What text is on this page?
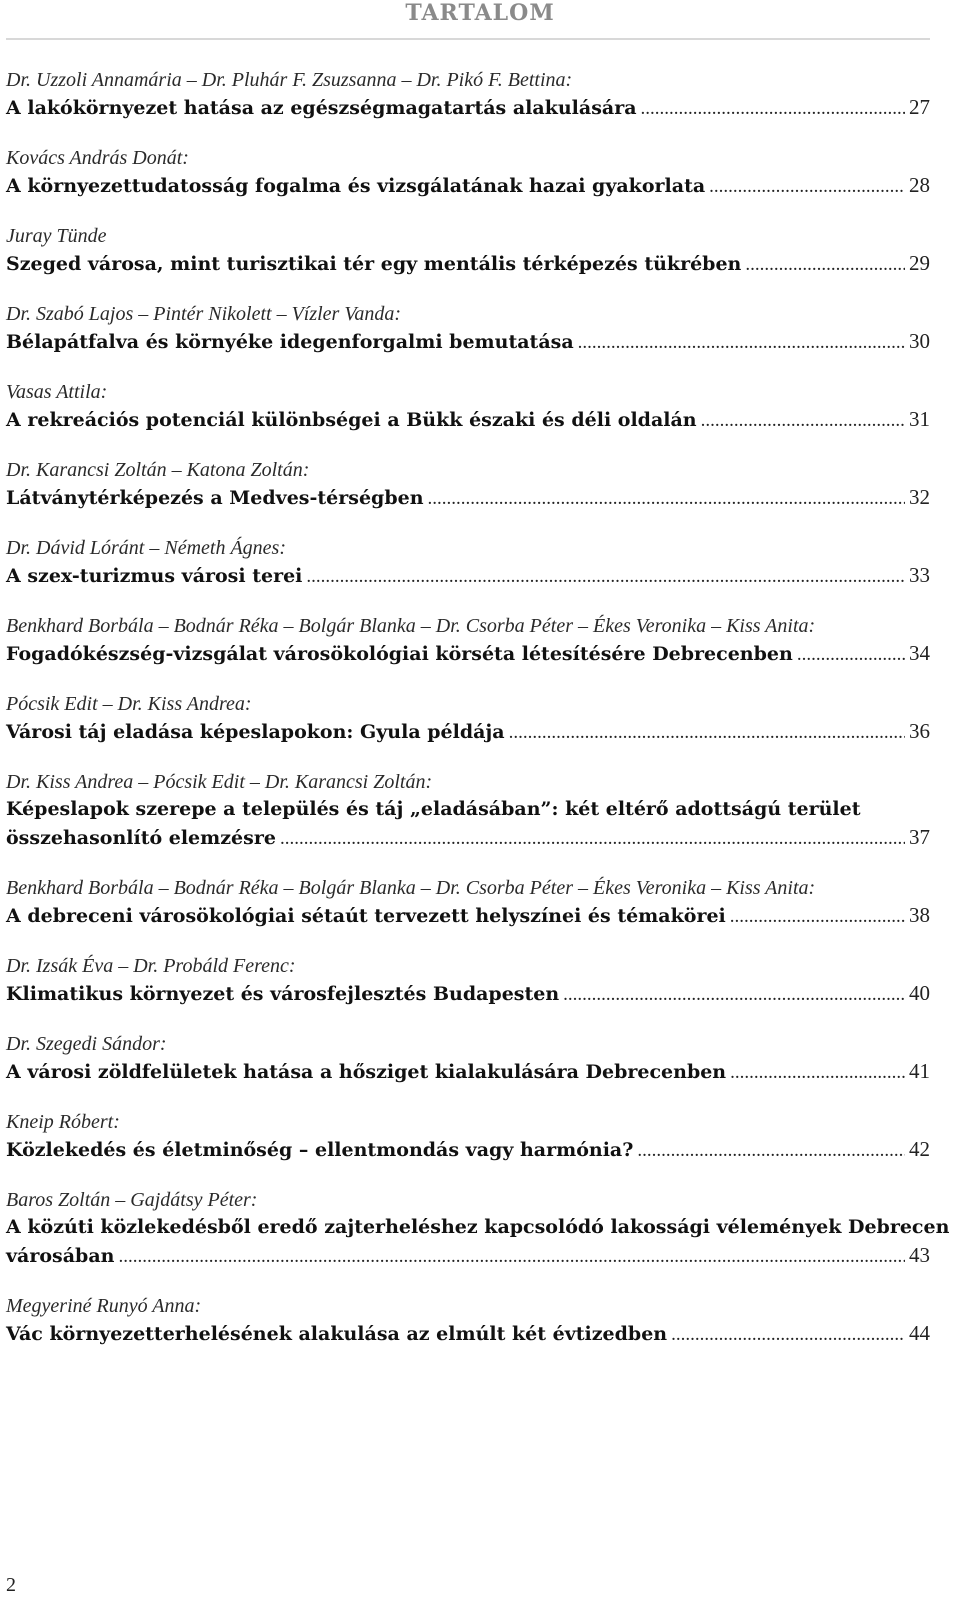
TARTALOM
Dr. Uzzoli Annamária – Dr. Pluhár F. Zsuzsanna – Dr. Pikó F. Bettina:
A lakókörnyezet hatása az egészségmagatartás alakulására .....	27
Kovács András Donát:
A környezettudatosság fogalma és vizsgálatának hazai gyakorlata .....	28
Juray Tünde
Szeged városa, mint turisztikai tér egy mentális térképezés tükrében .....	29
Dr. Szabó Lajos – Pintér Nikolett – Vízler Vanda:
Bélapátfalva és környéke idegenforgalmi bemutatása .....	30
Vasas Attila:
A rekreációs potenciál különbségei a Bükk északi és déli oldalán .....	31
Dr. Karancsi Zoltán – Katona Zoltán:
Látványtérképezés a Medves-térségben .....	32
Dr. Dávid Lóránt – Németh Ágnes:
A szex-turizmus városi terei .....	33
Benkhard Borbála – Bodnár Réka – Bolgár Blanka – Dr. Csorba Péter – Ékes Veronika – Kiss Anita:
Fogadókészség-vizsgálat városökológiai körséta létesítésére Debrecenben .....	34
Pócsik Edit – Dr. Kiss Andrea:
Városi táj eladása képeslapokon: Gyula példája .....	36
Dr. Kiss Andrea – Pócsik Edit – Dr. Karancsi Zoltán:
Képeslapok szerepe a település és táj „eladásában”: két eltérő adottságú terület
összehasonlító elemzésre .....	37
Benkhard Borbála – Bodnár Réka – Bolgár Blanka – Dr. Csorba Péter – Ékes Veronika – Kiss Anita:
A debreceni városökológiai sétaút tervezett helyszínei és témakörei .....	38
Dr. Izsák Éva – Dr. Probáld Ferenc:
Klimatikus környezet és városfejlesztés Budapesten .....	40
Dr. Szegedi Sándor:
A városi zöldfelületek hatása a hősziget kialakulására Debrecenben .....	41
Kneip Róbert:
Közlekedés és életminőség – ellentmondás vagy harmónia? .....	42
Baros Zoltán – Gajdátsy Péter:
A közúti közlekedésből eredő zajterheléshez kapcsolódó lakossági vélemények Debrecen
városában .....	43
Megyeriné Runyó Anna:
Vác környezetterhelésének alakulása az elmúlt két évtizedben .....	44
2
